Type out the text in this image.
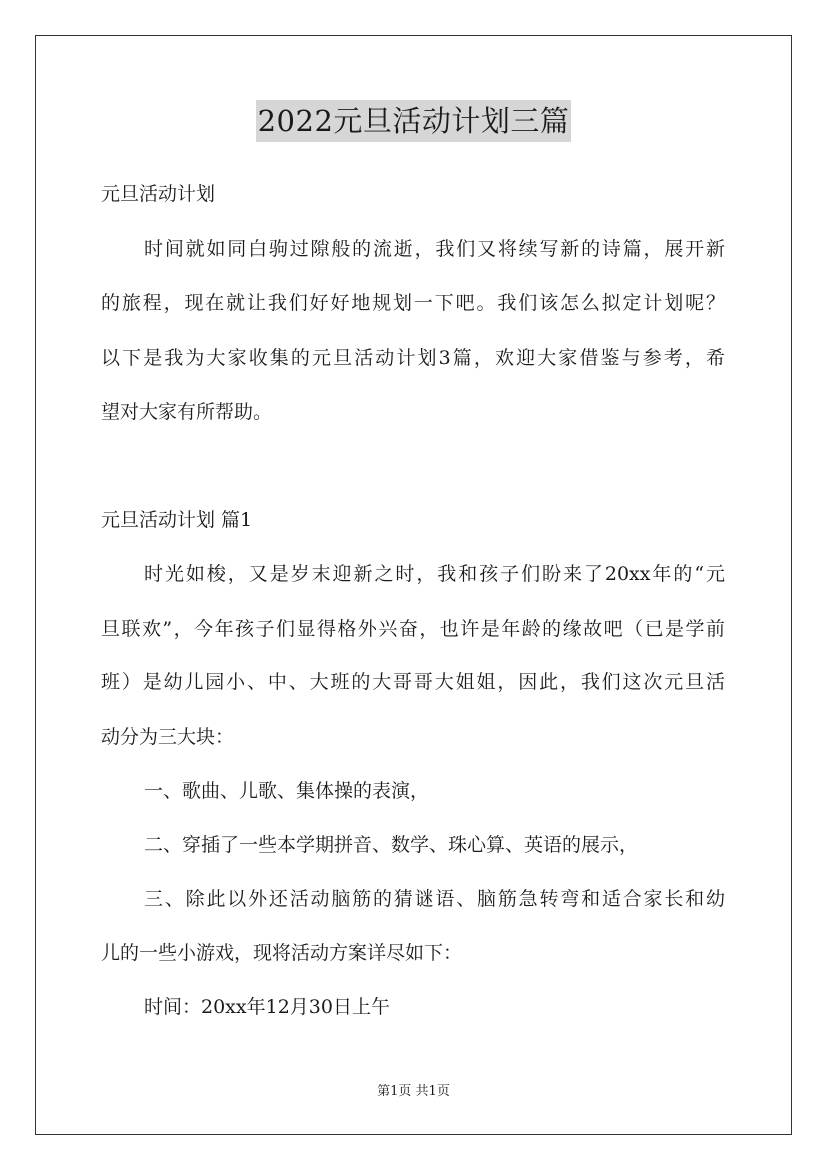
2022元旦活动计划三篇
元旦活动计划
时间就如同白驹过隙般的流逝，我们又将续写新的诗篇，展开新
的旅程，现在就让我们好好地规划一下吧。我们该怎么拟定计划呢？
以下是我为大家收集的元旦活动计划3篇，欢迎大家借鉴与参考，希
望对大家有所帮助。
元旦活动计划 篇1
时光如梭，又是岁末迎新之时，我和孩子们盼来了20xx年的“元
旦联欢”，今年孩子们显得格外兴奋，也许是年龄的缘故吧（已是学前
班）是幼儿园小、中、大班的大哥哥大姐姐，因此，我们这次元旦活
动分为三大块：
一、歌曲、儿歌、集体操的表演，
二、穿插了一些本学期拼音、数学、珠心算、英语的展示，
三、除此以外还活动脑筋的猜谜语、脑筋急转弯和适合家长和幼
儿的一些小游戏，现将活动方案详尽如下：
时间：20xx年12月30日上午
第1页 共1页
